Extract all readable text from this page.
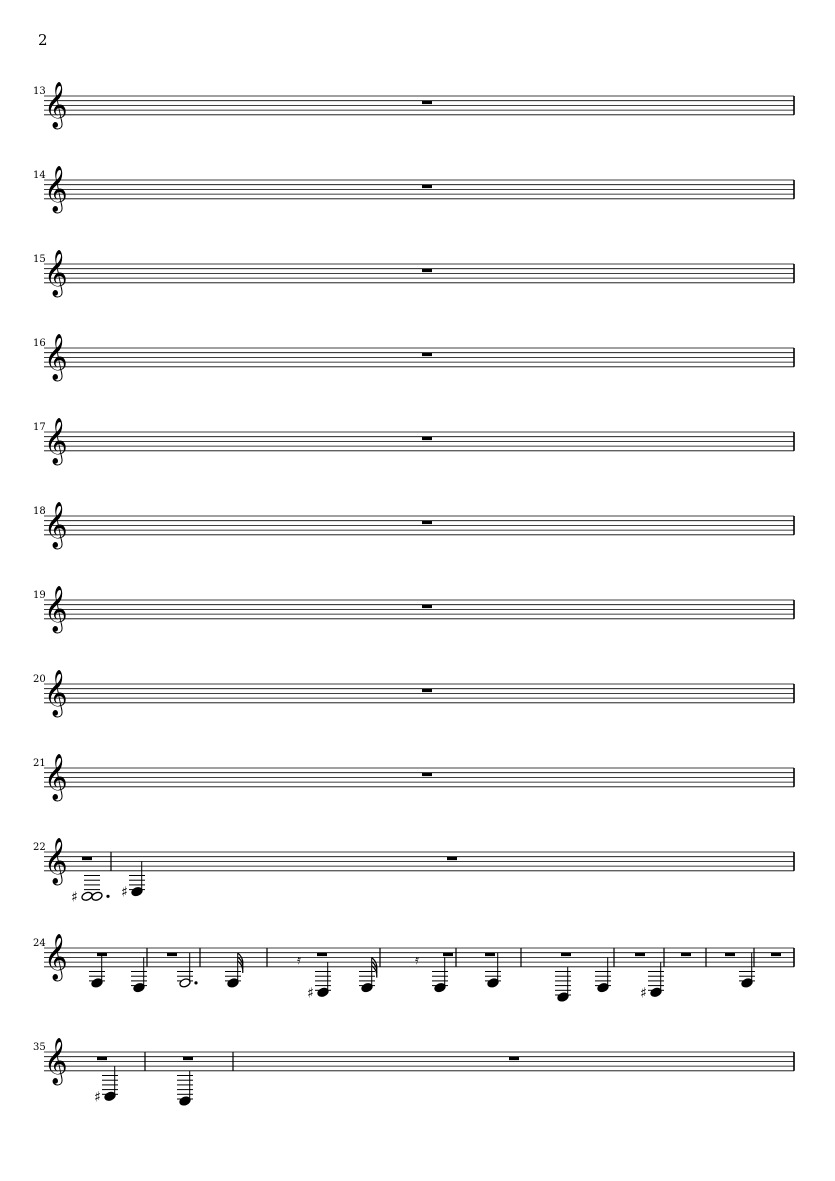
2
𝄞
13
𝄞
14
𝄞
15
𝄞
16
𝄞
17
𝄞
18
𝄞
19
𝄞
20
𝄞
21
𝄞
22
♯	♯
𝄞
24
𝄿
♯
𝄿
♯
𝄞
35
♯
